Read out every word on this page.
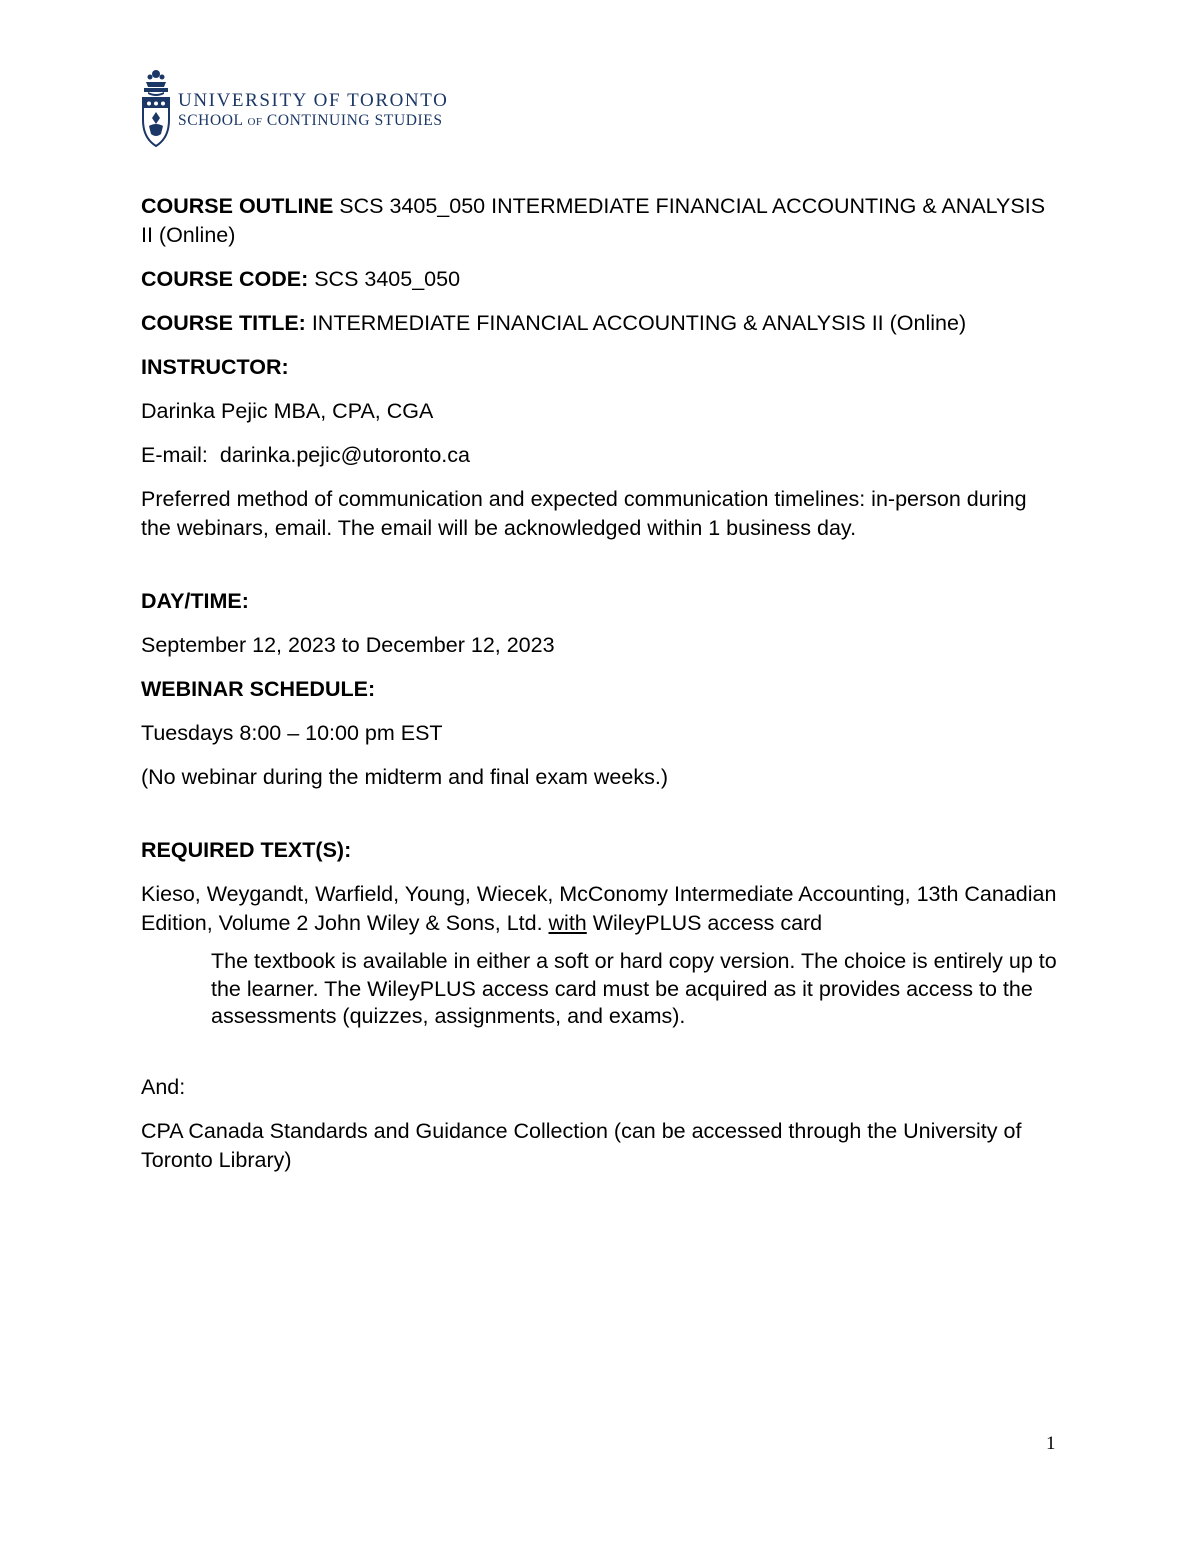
UNIVERSITY OF TORONTO
SCHOOL OF CONTINUING STUDIES

COURSE OUTLINE SCS 3405_050 INTERMEDIATE FINANCIAL ACCOUNTING & ANALYSIS II (Online)

COURSE CODE: SCS 3405_050

COURSE TITLE: INTERMEDIATE FINANCIAL ACCOUNTING & ANALYSIS II (Online)

INSTRUCTOR:

Darinka Pejic MBA, CPA, CGA

E-mail: darinka.pejic@utoronto.ca

Preferred method of communication and expected communication timelines: in-person during the webinars, email. The email will be acknowledged within 1 business day.

DAY/TIME:

September 12, 2023 to December 12, 2023

WEBINAR SCHEDULE:

Tuesdays 8:00 – 10:00 pm EST

(No webinar during the midterm and final exam weeks.)

REQUIRED TEXT(S):

Kieso, Weygandt, Warfield, Young, Wiecek, McConomy Intermediate Accounting, 13th Canadian Edition, Volume 2 John Wiley & Sons, Ltd. with WileyPLUS access card

The textbook is available in either a soft or hard copy version. The choice is entirely up to the learner. The WileyPLUS access card must be acquired as it provides access to the assessments (quizzes, assignments, and exams).

And:

CPA Canada Standards and Guidance Collection (can be accessed through the University of Toronto Library)

1
